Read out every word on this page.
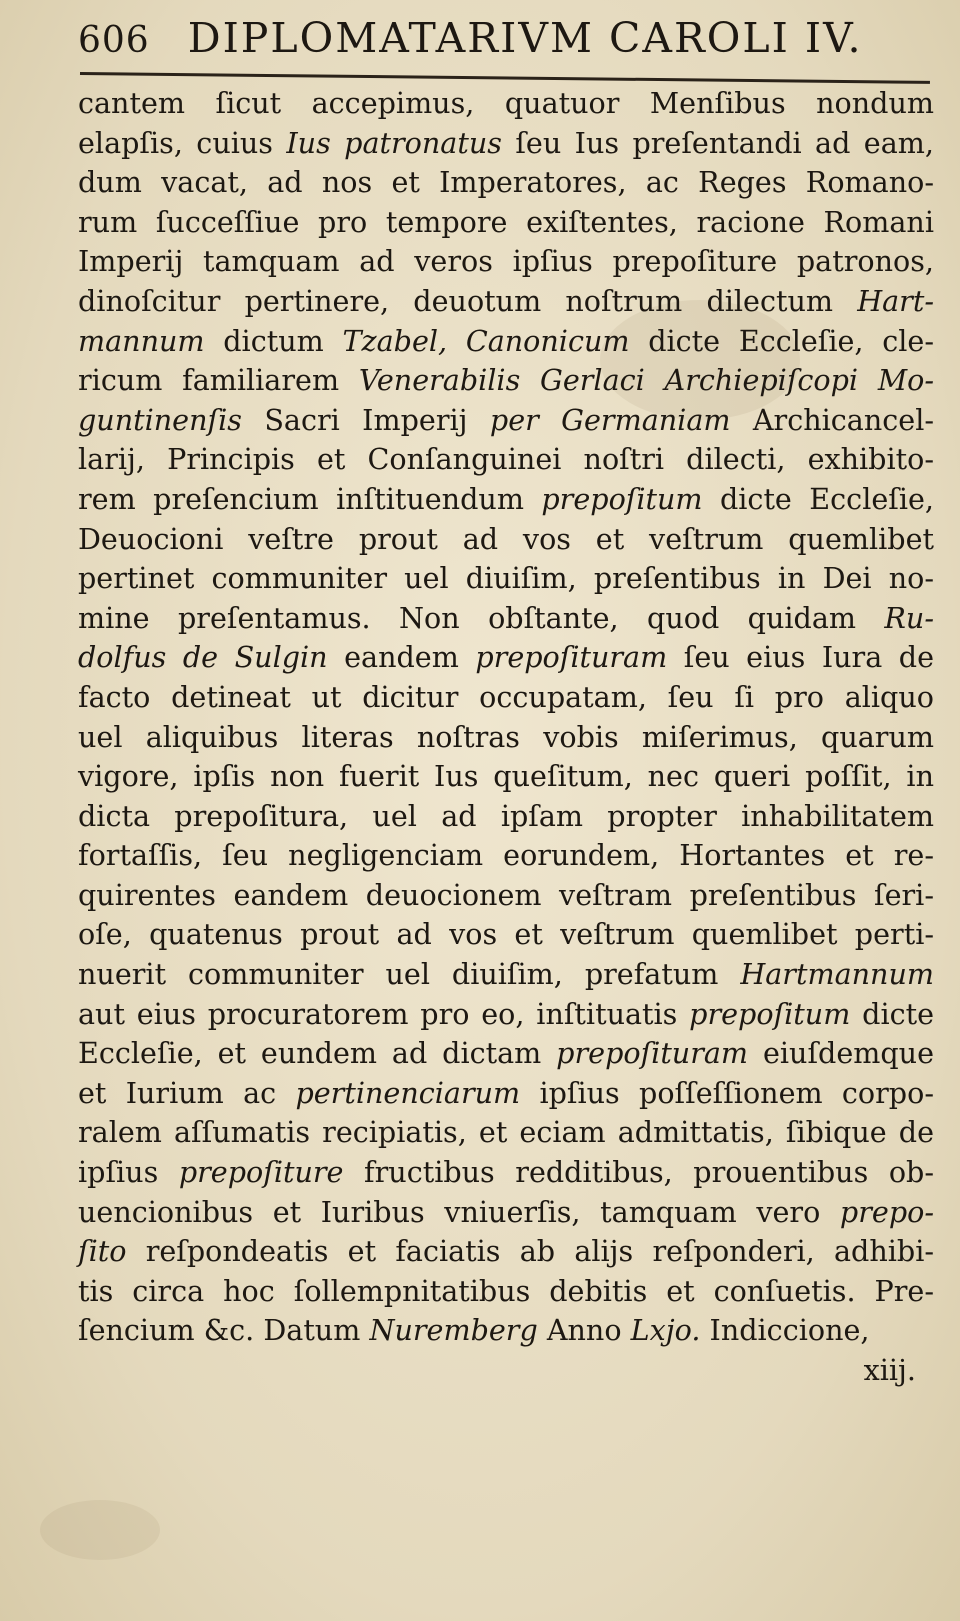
606 DIPLOMATARIVM CAROLI IV.
cantem ſicut accepimus, quatuor Menſibus nondum
elapſis, cuius Ius patronatus ſeu Ius preſentandi ad eam,
dum vacat, ad nos et Imperatores, ac Reges Romano-
rum ſucceſſiue pro tempore exiſtentes, racione Romani
Imperij tamquam ad veros ipſius prepoſiture patronos,
dinoſcitur pertinere, deuotum noſtrum dilectum Hart-
mannum dictum Tzabel, Canonicum dicte Eccleſie, cle-
ricum familiarem Venerabilis Gerlaci Archiepiſcopi Mo-
guntinenſis Sacri Imperij per Germaniam Archicancel-
larij, Principis et Conſanguinei noſtri dilecti, exhibito-
rem preſencium inſtituendum prepoſitum dicte Eccleſie,
Deuocioni veſtre prout ad vos et veſtrum quemlibet
pertinet communiter uel diuiſim, preſentibus in Dei no-
mine preſentamus. Non obſtante, quod quidam Ru-
dolfus de Sulgin eandem prepoſituram ſeu eius Iura de
facto detineat ut dicitur occupatam, ſeu ſi pro aliquo
uel aliquibus literas noſtras vobis miſerimus, quarum
vigore, ipſis non fuerit Ius queſitum, nec queri poſſit, in
dicta prepoſitura, uel ad ipſam propter inhabilitatem
fortaſſis, ſeu negligenciam eorundem, Hortantes et re-
quirentes eandem deuocionem veſtram preſentibus ſeri-
oſe, quatenus prout ad vos et veſtrum quemlibet perti-
nuerit communiter uel diuiſim, prefatum Hartmannum
aut eius procuratorem pro eo, inſtituatis prepoſitum dicte
Eccleſie, et eundem ad dictam prepoſituram eiuſdemque
et Iurium ac pertinenciarum ipſius poſſeſſionem corpo-
ralem aſſumatis recipiatis, et eciam admittatis, ſibique de
ipſius prepoſiture fructibus redditibus, prouentibus ob-
uencionibus et Iuribus vniuerſis, tamquam vero prepo-
ſito reſpondeatis et faciatis ab alijs reſponderi, adhibi-
tis circa hoc ſollempnitatibus debitis et conſuetis. Pre-
ſencium &c. Datum Nuremberg Anno Lxjo. Indiccione,
xiij.
